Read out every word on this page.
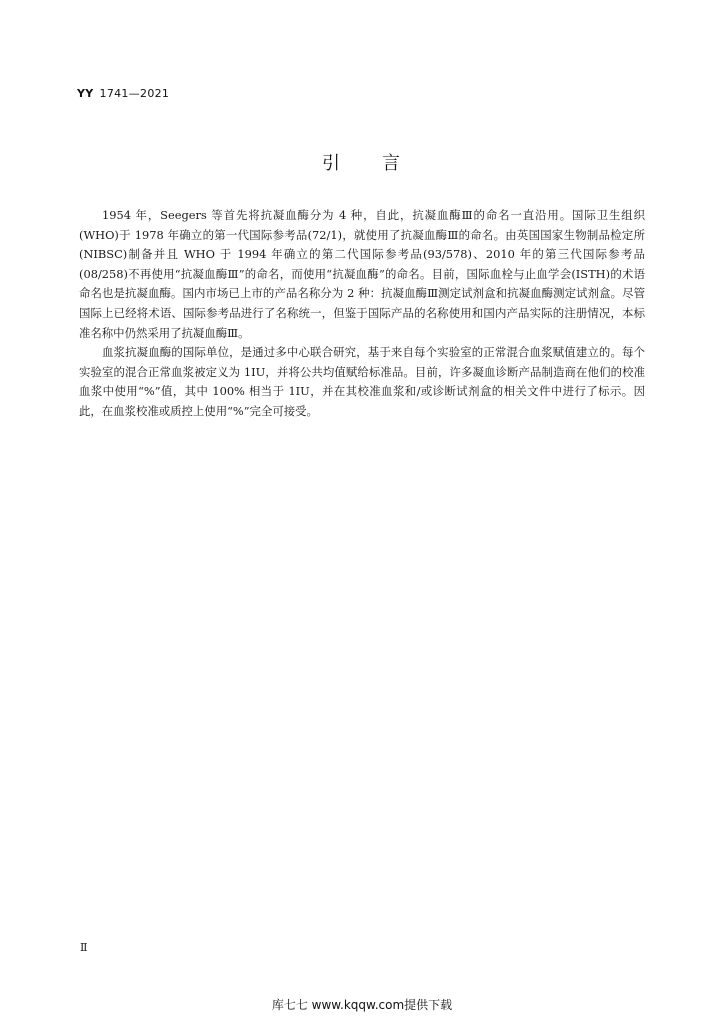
YY 1741—2021
引 言

1954 年，Seegers 等首先将抗凝血酶分为 4 种，自此，抗凝血酶Ⅲ的命名一直沿用。国际卫生组织(WHO)于 1978 年确立的第一代国际参考品(72/1)，就使用了抗凝血酶Ⅲ的命名。由英国国家生物制品检定所(NIBSC)制备并且 WHO 于 1994 年确立的第二代国际参考品(93/578)、2010 年的第三代国际参考品(08/258)不再使用“抗凝血酶Ⅲ”的命名，而使用“抗凝血酶”的命名。目前，国际血栓与止血学会(ISTH)的术语命名也是抗凝血酶。国内市场已上市的产品名称分为 2 种：抗凝血酶Ⅲ测定试剂盒和抗凝血酶测定试剂盒。尽管国际上已经将术语、国际参考品进行了名称统一，但鉴于国际产品的名称使用和国内产品实际的注册情况，本标准名称中仍然采用了抗凝血酶Ⅲ。

血浆抗凝血酶的国际单位，是通过多中心联合研究，基于来自每个实验室的正常混合血浆赋值建立的。每个实验室的混合正常血浆被定义为 1IU，并将公共均值赋给标准品。目前，许多凝血诊断产品制造商在他们的校准血浆中使用“%”值，其中 100% 相当于 1IU，并在其校准血浆和/或诊断试剂盒的相关文件中进行了标示。因此，在血浆校准或质控上使用“%”完全可接受。

Ⅱ
库七七 www.kqqw.com提供下载
